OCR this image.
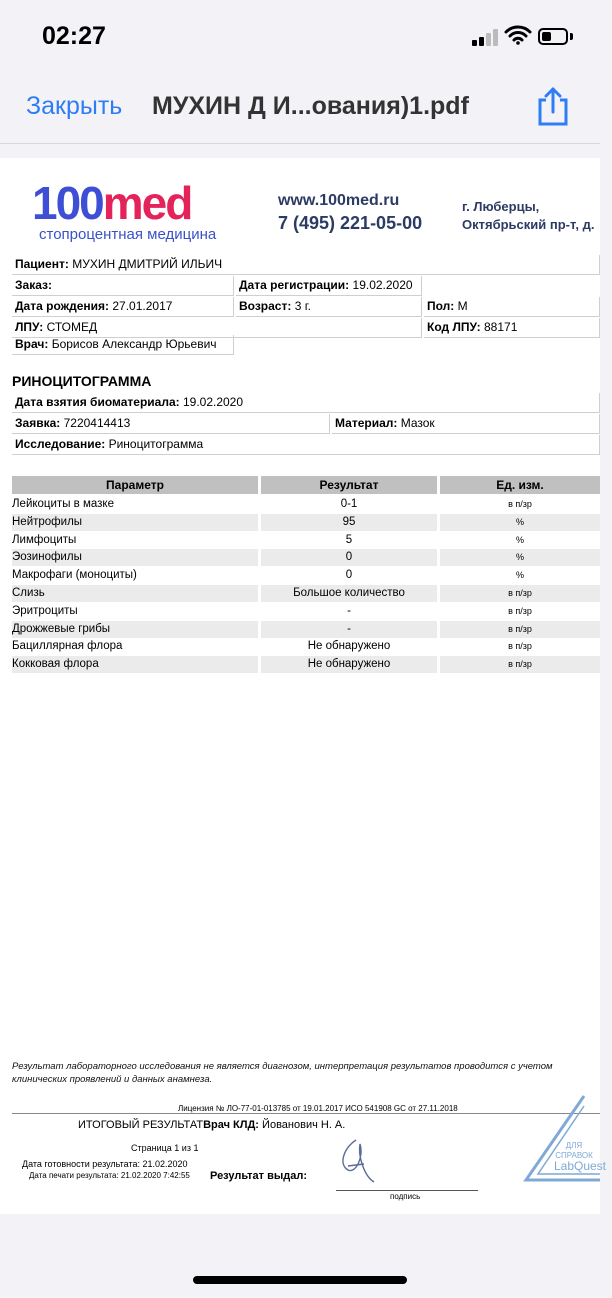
02:27
Закрыть МУХИН Д И...ования)1.pdf
100med
стопроцентная медицина
www.100med.ru
7 (495) 221-05-00
г. Люберцы,
Октябрьский пр-т, д.
Пациент: МУХИН ДМИТРИЙ ИЛЬИЧ
Заказ:	Дата регистрации: 19.02.2020
Дата рождения: 27.01.2017	Возраст: 3 г.	Пол: М
ЛПУ: СТОМЕД	Код ЛПУ: 88171
Врач: Борисов Александр Юрьевич
РИНОЦИТОГРАММА
Дата взятия биоматериала: 19.02.2020
Заявка: 7220414413	Материал: Мазок
Исследование: Риноцитограмма
Параметр	Результат	Ед. изм.
Лейкоциты в мазке	0-1	в п/зр
Нейтрофилы	95	%
Лимфоциты	5	%
Эозинофилы	0	%
Макрофаги (моноциты)	0	%
Слизь	Большое количество	в п/зр
Эритроциты	-	в п/зр
Дрожжевые грибы	-	в п/зр
Бациллярная флора	Не обнаружено	в п/зр
Кокковая флора	Не обнаружено	в п/зр
Результат лабораторного исследования не является диагнозом, интерпретация результатов проводится с учетом клинических проявлений и данных анамнеза.
Лицензия № ЛО-77-01-013785 от 19.01.2017 ИСО 541908 GC от 27.11.2018
ИТОГОВЫЙ РЕЗУЛЬТАТВрач КЛД: Йованович Н. А.
Страница 1 из 1
Дата готовности результата: 21.02.2020
Дата печати результата: 21.02.2020 7:42:55 Результат выдал:
подпись
ДЛЯ
СПРАВОК
LabQuest
